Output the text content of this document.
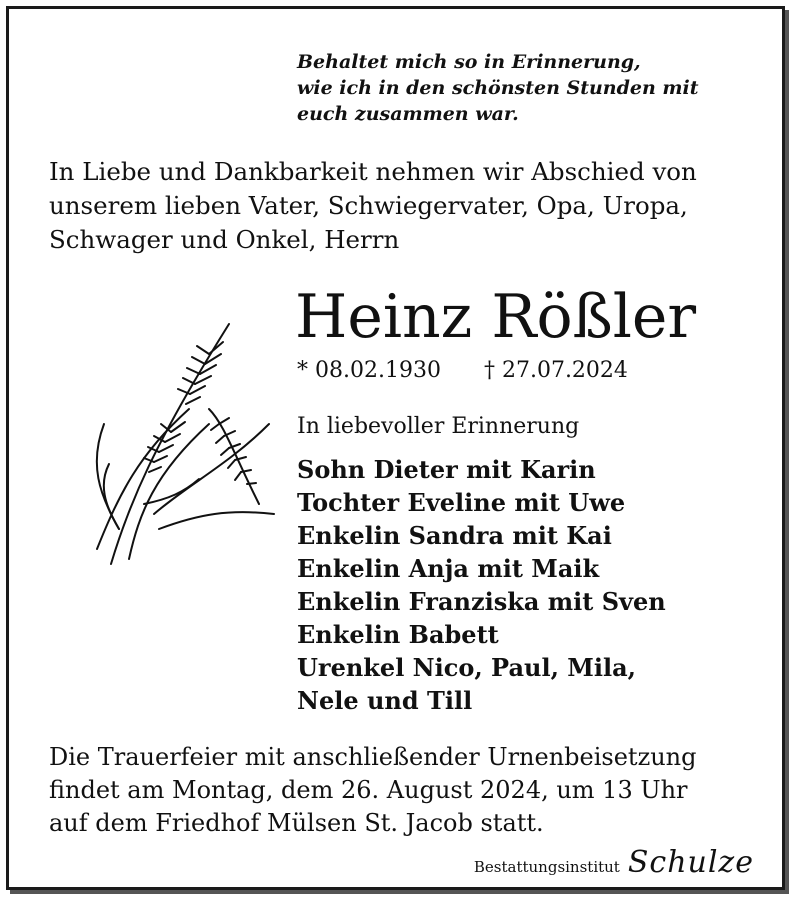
Behaltet mich so in Erinnerung,
wie ich in den schönsten Stunden mit
euch zusammen war.
In Liebe und Dankbarkeit nehmen wir Abschied von
unserem lieben Vater, Schwiegervater, Opa, Uropa,
Schwager und Onkel, Herrn
Heinz Rößler
* 08.02.1930 † 27.07.2024
In liebevoller Erinnerung
Sohn Dieter mit Karin
Tochter Eveline mit Uwe
Enkelin Sandra mit Kai
Enkelin Anja mit Maik
Enkelin Franziska mit Sven
Enkelin Babett
Urenkel Nico, Paul, Mila,
Nele und Till
Die Trauerfeier mit anschließender Urnenbeisetzung
findet am Montag, dem 26. August 2024, um 13 Uhr
auf dem Friedhof Mülsen St. Jacob statt.
Bestattungsinstitut Schulze
